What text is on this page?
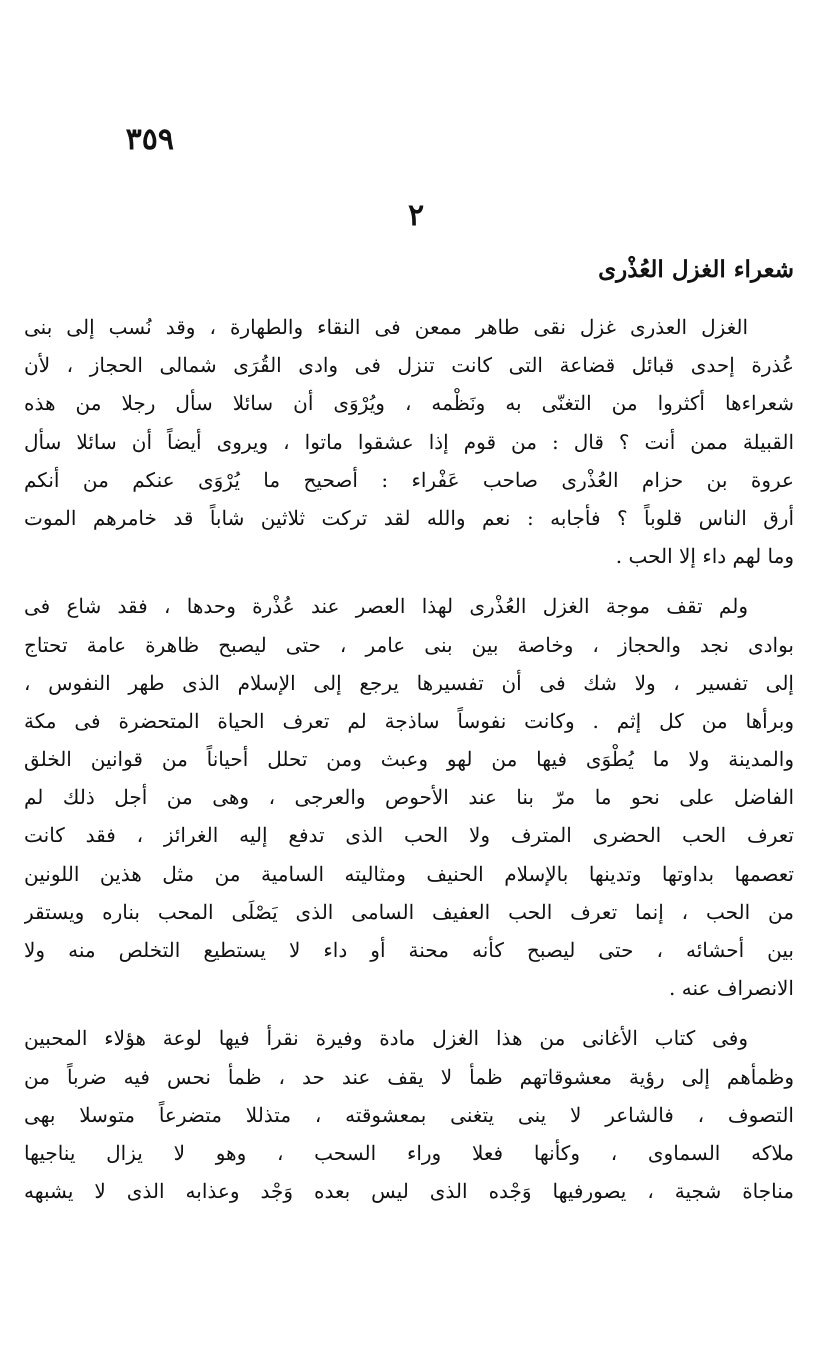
٣٥٩
٢
شعراء الغزل العُذْرى
الغزل العذرى غزل نقى طاهر ممعن فى النقاء والطهارة ، وقد نُسب إلى بنى
عُذرة إحدى قبائل قضاعة التى كانت تنزل فى وادى القُرَى شمالى الحجاز ، لأن
شعراءها أكثروا من التغنّى به ونَظْمه ، ويُرْوَى أن سائلا سأل رجلا من هذه
القبيلة ممن أنت ؟ قال : من قوم إذا عشقوا ماتوا ، ويروى أيضاً أن سائلا سأل
عروة بن حزام العُذْرى صاحب عَفْراء : أصحيح ما يُرْوَى عنكم من أنكم
أرق الناس قلوباً ؟ فأجابه : نعم والله لقد تركت ثلاثين شاباً قد خامرهم الموت
وما لهم داء إلا الحب .
ولم تقف موجة الغزل العُذْرى لهذا العصر عند عُذْرة وحدها ، فقد شاع فى
بوادى نجد والحجاز ، وخاصة بين بنى عامر ، حتى ليصبح ظاهرة عامة تحتاج
إلى تفسير ، ولا شك فى أن تفسيرها يرجع إلى الإسلام الذى طهر النفوس ،
وبرأها من كل إثم . وكانت نفوساً ساذجة لم تعرف الحياة المتحضرة فى مكة
والمدينة ولا ما يُطْوَى فيها من لهو وعبث ومن تحلل أحياناً من قوانين الخلق
الفاضل على نحو ما مرّ بنا عند الأحوص والعرجى ، وهى من أجل ذلك لم
تعرف الحب الحضرى المترف ولا الحب الذى تدفع إليه الغرائز ، فقد كانت
تعصمها بداوتها وتدينها بالإسلام الحنيف ومثاليته السامية من مثل هذين اللونين
من الحب ، إنما تعرف الحب العفيف السامى الذى يَصْلَى المحب بناره ويستقر
بين أحشائه ، حتى ليصبح كأنه محنة أو داء لا يستطيع التخلص منه ولا
الانصراف عنه .
وفى كتاب الأغانى من هذا الغزل مادة وفيرة نقرأ فيها لوعة هؤلاء المحبين
وظمأهم إلى رؤية معشوقاتهم ظمأ لا يقف عند حد ، ظمأ نحس فيه ضرباً من
التصوف ، فالشاعر لا ينى يتغنى بمعشوقته ، متذللا متضرعاً متوسلا بهى
ملاكه السماوى ، وكأنها فعلا وراء السحب ، وهو لا يزال يناجيها
مناجاة شجية ، يصورفيها وَجْده الذى ليس بعده وَجْد وعذابه الذى لا يشبهه
